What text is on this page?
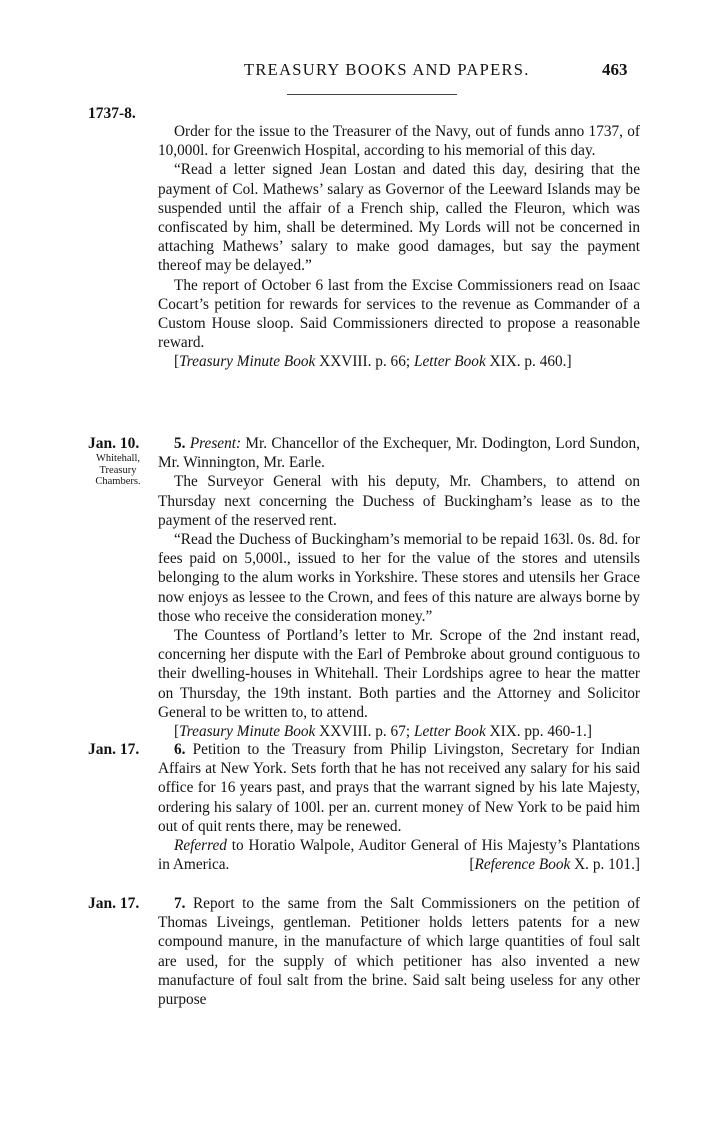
TREASURY BOOKS AND PAPERS.	463
1737-8.

Order for the issue to the Treasurer of the Navy, out of funds anno 1737, of 10,000l. for Greenwich Hospital, according to his memorial of this day.

“Read a letter signed Jean Lostan and dated this day, desiring that the payment of Col. Mathews’ salary as Governor of the Leeward Islands may be suspended until the affair of a French ship, called the Fleuron, which was confiscated by him, shall be determined. My Lords will not be concerned in attaching Mathews’ salary to make good damages, but say the payment thereof may be delayed.”

The report of October 6 last from the Excise Commissioners read on Isaac Cocart’s petition for rewards for services to the revenue as Commander of a Custom House sloop. Said Commissioners directed to propose a reasonable reward.

[Treasury Minute Book XXVIII. p. 66; Letter Book XIX. p. 460.]

Jan. 10.
Whitehall, Treasury Chambers.

5. Present: Mr. Chancellor of the Exchequer, Mr. Dodington, Lord Sundon, Mr. Winnington, Mr. Earle.

The Surveyor General with his deputy, Mr. Chambers, to attend on Thursday next concerning the Duchess of Buckingham’s lease as to the payment of the reserved rent.

“Read the Duchess of Buckingham’s memorial to be repaid 163l. 0s. 8d. for fees paid on 5,000l., issued to her for the value of the stores and utensils belonging to the alum works in Yorkshire. These stores and utensils her Grace now enjoys as lessee to the Crown, and fees of this nature are always borne by those who receive the consideration money.”

The Countess of Portland’s letter to Mr. Scrope of the 2nd instant read, concerning her dispute with the Earl of Pembroke about ground contiguous to their dwelling-houses in Whitehall. Their Lordships agree to hear the matter on Thursday, the 19th instant. Both parties and the Attorney and Solicitor General to be written to, to attend.

[Treasury Minute Book XXVIII. p. 67; Letter Book XIX. pp. 460-1.]

Jan. 17.	6. Petition to the Treasury from Philip Livingston, Secretary for Indian Affairs at New York. Sets forth that he has not received any salary for his said office for 16 years past, and prays that the warrant signed by his late Majesty, ordering his salary of 100l. per an. current money of New York to be paid him out of quit rents there, may be renewed.

Referred to Horatio Walpole, Auditor General of His Majesty’s Plantations in America.	[Reference Book X. p. 101.]

Jan. 17.	7. Report to the same from the Salt Commissioners on the petition of Thomas Liveings, gentleman. Petitioner holds letters patents for a new compound manure, in the manufacture of which large quantities of foul salt are used, for the supply of which petitioner has also invented a new manufacture of foul salt from the brine. Said salt being useless for any other purpose
